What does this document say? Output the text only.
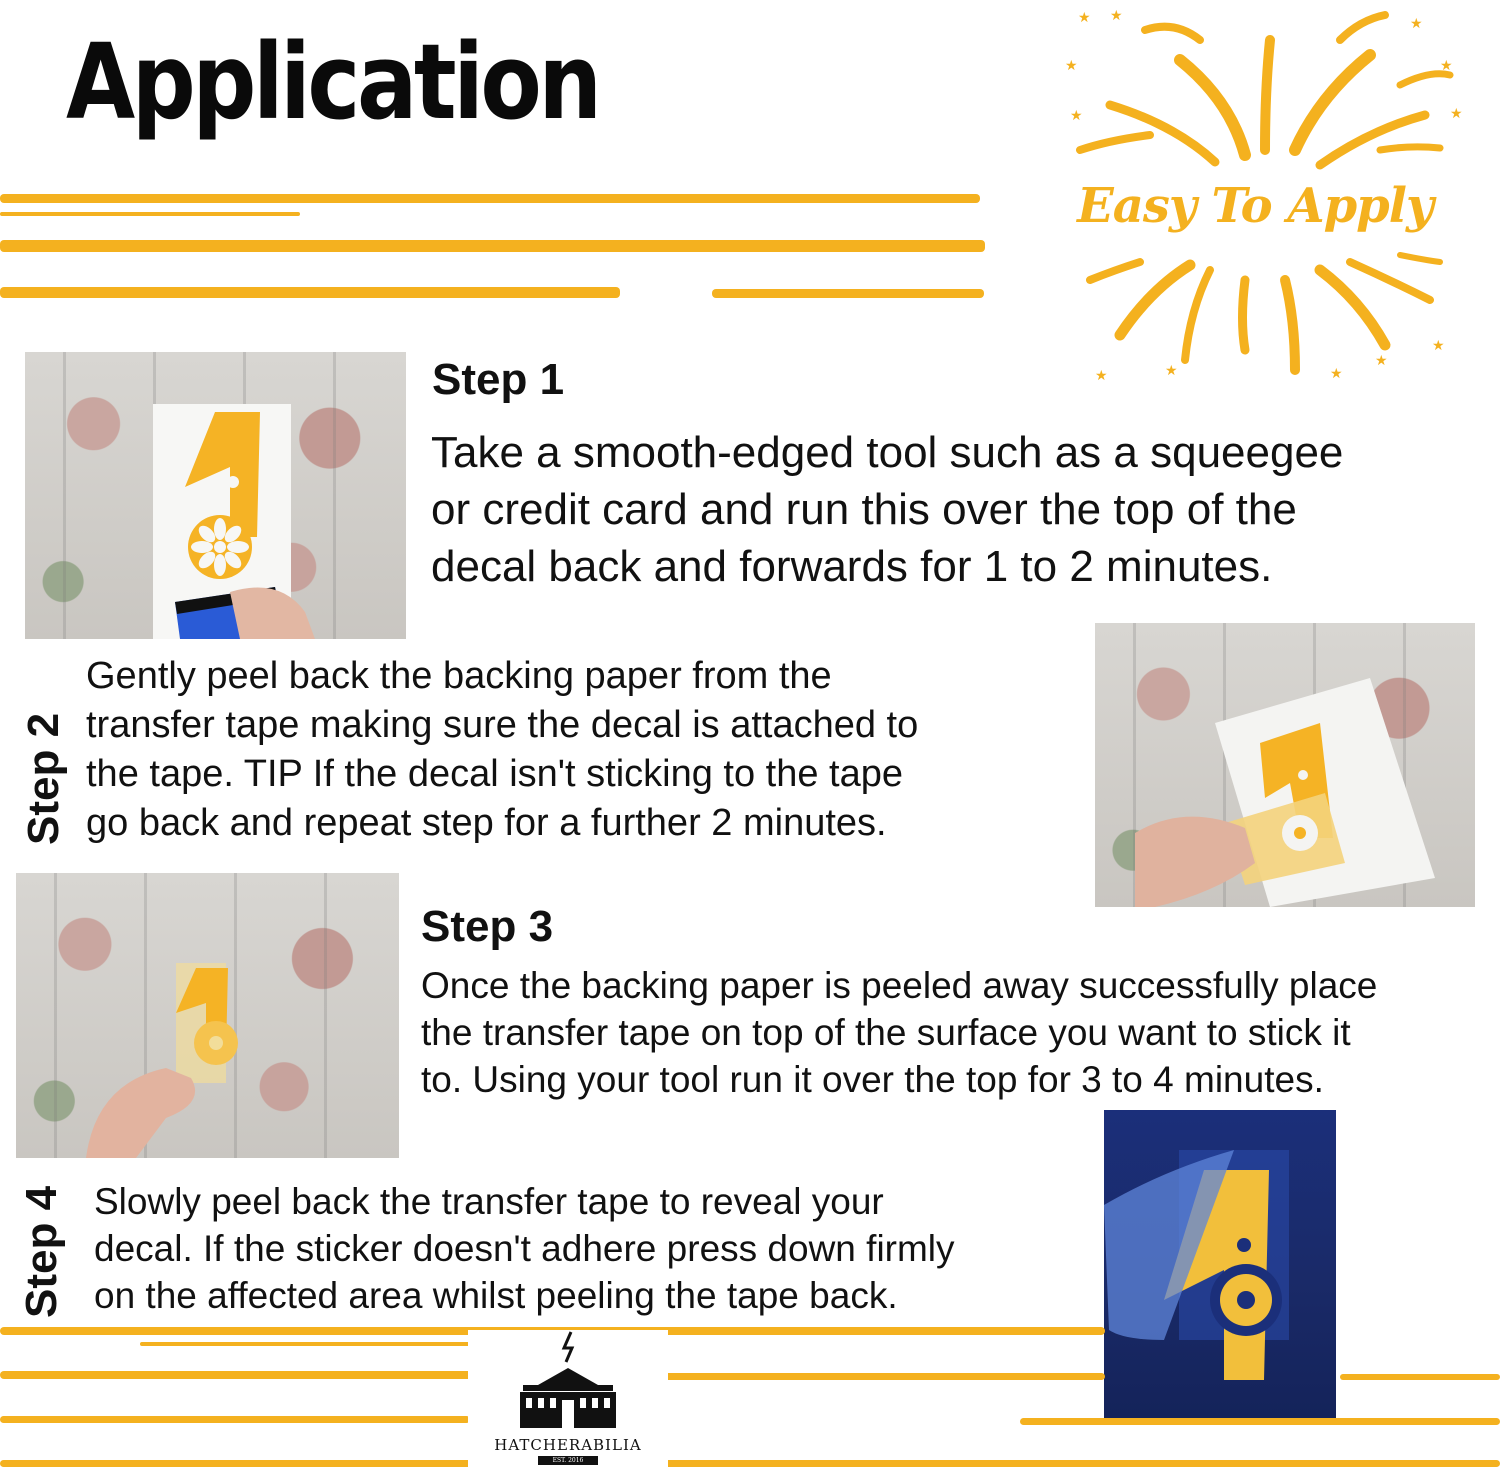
Application
★ ★
★
★
★
★
★
★	★	★
★
★
Easy To Apply
Step 1
Take a smooth-edged tool such as a squeegee
or credit card and run this over the top of the
decal back and forwards for 1 to 2 minutes.
Step 2
Gently peel back the backing paper from the
transfer tape making sure the decal is attached to
the tape. TIP If the decal isn't sticking to the tape
go back and repeat step for a further 2 minutes.
Step 3
Once the backing paper is peeled away successfully place
the transfer tape on top of the surface you want to stick it
to. Using your tool run it over the top for 3 to 4 minutes.
Step 4 Slowly peel back the transfer tape to reveal your
decal. If the sticker doesn't adhere press down firmly
on the affected area whilst peeling the tape back.
HATCHERABILIA
EST. 2016
